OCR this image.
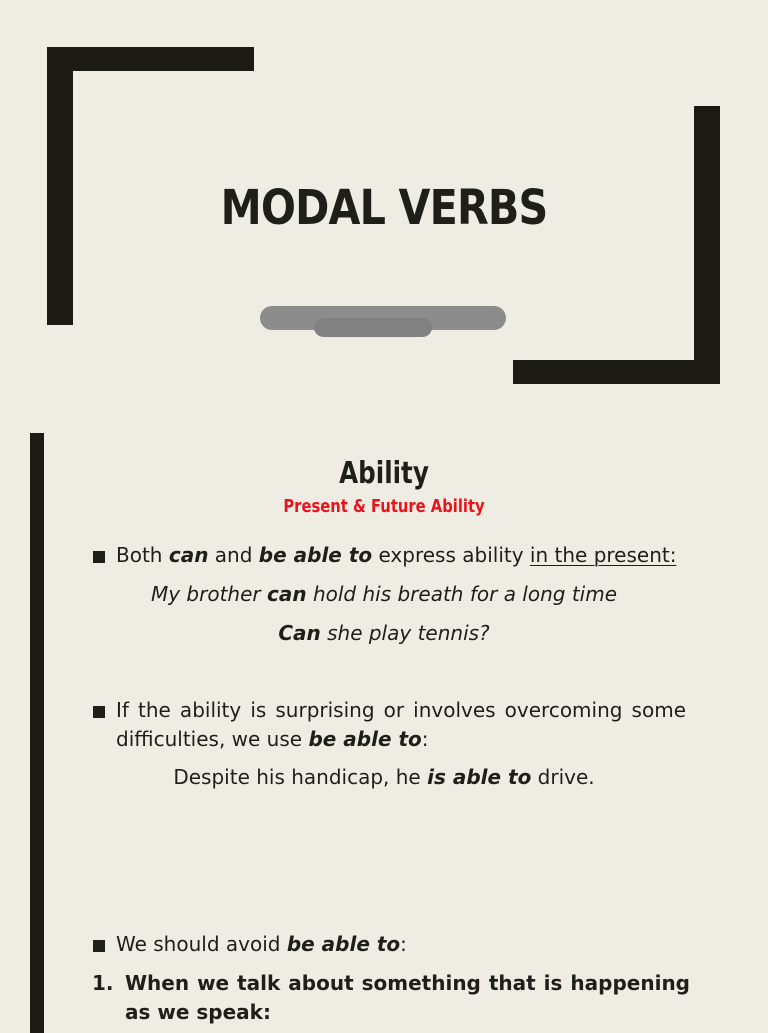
MODAL VERBS
Ability
Present & Future Ability
Both can and be able to express ability in the present:
My brother can hold his breath for a long time
Can she play tennis?
If the ability is surprising or involves overcoming some difficulties, we use be able to:
Despite his handicap, he is able to drive.
We should avoid be able to:
1. When we talk about something that is happening as we speak:
